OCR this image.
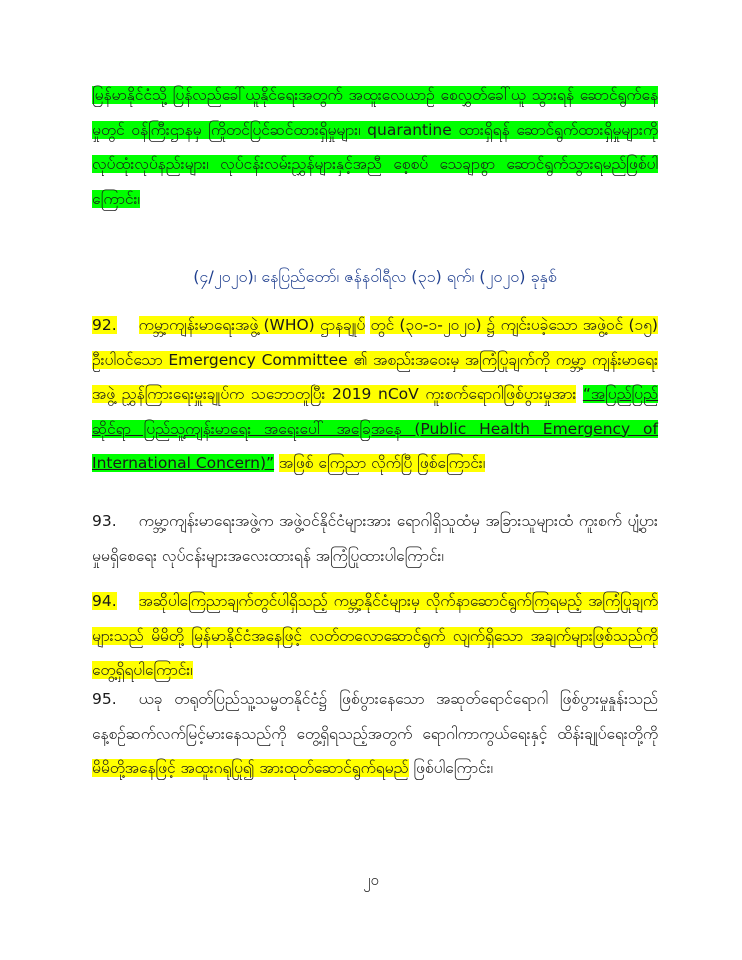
မြန်မာနိုင်ငံသို့ ပြန်လည်ခေါ်ယူနိုင်ရေးအတွက် အထူးလေယာဉ် စေလွှတ်ခေါ်ယူ သွားရန် ဆောင်ရွက်နေမှုတွင် ဝန်ကြီးဌာနမှ ကြိုတင်ပြင်ဆင်ထားရှိမှုများ၊ quarantine ထားရှိရန် ဆောင်ရွက်ထားရှိမှုများကို လုပ်ထုံးလုပ်နည်းများ၊ လုပ်ငန်းလမ်းညွှန်များနှင့်အညီ စေ့စပ် သေချာစွာ ဆောင်ရွက်သွားရမည်ဖြစ်ပါကြောင်း၊

(၄/၂၀၂၀)၊ နေပြည်တော်၊ ဇန်နဝါရီလ (၃၁) ရက်၊ (၂၀၂၀) ခုနှစ်

92. ကမ္ဘာ့ကျန်းမာရေးအဖွဲ့ (WHO) ဌာနချုပ် တွင် (၃၀-၁-၂၀၂၀) ၌ ကျင်းပခဲ့သော အဖွဲ့ဝင် (၁၅) ဦးပါဝင်သော Emergency Committee ၏ အစည်းအဝေးမှ အကြံပြုချက်ကို ကမ္ဘာ့ ကျန်းမာရေးအဖွဲ့ ညွှန်ကြားရေးမှူးချုပ်က သဘောတူပြီး 2019 nCoV ကူးစက်ရောဂါဖြစ်ပွားမှုအား “အပြည်ပြည်ဆိုင်ရာ ပြည်သူ့ကျန်းမာရေး အရေးပေါ် အခြေအနေ (Public Health Emergency of International Concern)” အဖြစ် ကြေညာ လိုက်ပြီ ဖြစ်ကြောင်း၊

93. ကမ္ဘာ့ကျန်းမာရေးအဖွဲ့က အဖွဲ့ဝင်နိုင်ငံများအား ရောဂါရှိသူထံမှ အခြားသူများထံ ကူးစက် ပျံ့ပွားမှုမရှိစေရေး လုပ်ငန်းများအလေးထားရန် အကြံပြုထားပါကြောင်း၊

94. အဆိုပါကြေညာချက်တွင်ပါရှိသည့် ကမ္ဘာ့နိုင်ငံများမှ လိုက်နာဆောင်ရွက်ကြရမည့် အကြံပြုချက်များသည် မိမိတို့ မြန်မာနိုင်ငံအနေဖြင့် လတ်တလောဆောင်ရွက် လျက်ရှိသော အချက်များဖြစ်သည်ကို တွေ့ရှိရပါကြောင်း၊

95. ယခု တရုတ်ပြည်သူ့သမ္မတနိုင်ငံ၌ ဖြစ်ပွားနေသော အဆုတ်ရောင်ရောဂါ ဖြစ်ပွားမှုနှုန်းသည် နေ့စဉ်ဆက်လက်မြင့်မားနေသည်ကို တွေ့ရှိရသည့်အတွက် ရောဂါကာကွယ်ရေးနှင့် ထိန်းချုပ်ရေးတို့ကို မိမိတို့အနေဖြင့် အထူးဂရုပြု၍ အားထုတ်ဆောင်ရွက်ရမည် ဖြစ်ပါကြောင်း၊

၂၀
